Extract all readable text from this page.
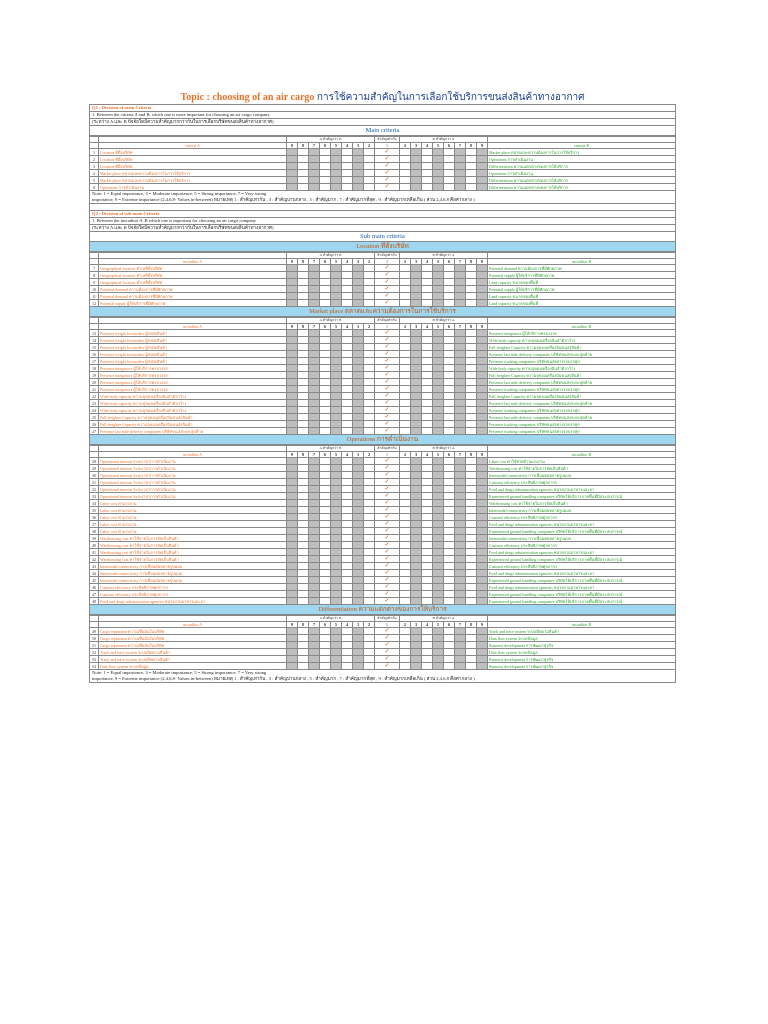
Topic : choosing of an air cargo การใช้ความสำคัญในการเลือกใช้บริการขนส่งสินค้าทางอากาศ
Q1 : Decision of main Criteria
1. Between the criteria A and B, which one is more important for choosing an air cargo company
(ระหว่าง A และ B ปัจจัยใดมีความสำคัญมากกว่ากันในการเลือกบริษัทขนส่งสินค้าทางอากาศ)
Main criteria
		A สำคัญกว่า B								สำคัญเท่ากัน	B สำคัญกว่า A								
	criteria A	9	8	7	6	5	4	3	2	1	2	3	4	5	6	7	8	9	criteria B
1	Location ที่ตั้งบริษัท									✓									Market place ตลาดและความต้องการในการใช้บริการ
2	Location ที่ตั้งบริษัท									✓									Operations การดำเนินงาน
3	Location ที่ตั้งบริษัท									✓									Differentiation ความแตกต่างของการให้บริการ
4	Market place ตลาดและความต้องการในการใช้บริการ									✓									Operations การดำเนินงาน
5	Market place ตลาดและความต้องการในการใช้บริการ									✓									Differentiation ความแตกต่างของการให้บริการ
6	Operations การดำเนินงาน									✓									Differentiation ความแตกต่างของการให้บริการ
Note: 1 = Equal importance, 3 = Moderate importance, 5 = Strong importance, 7 = Very strong
importance, 9 = Extreme importance (2,4,6,8- Values in-between) หมายเหตุ 1 : สำคัญเท่ากัน , 3 : สำคัญปานกลาง , 5 : สำคัญมาก , 7 : สำคัญมากที่สุด , 9 : สำคัญมากเหลือเกิน ( ส่วน 2,4,6,8 คือค่ากลาง )
Q2 : Decision of sub main Criteria
1. Between the incraditor A ,B which one is important for choosing an air cargo company
(ระหว่าง A และ B ปัจจัยใดมีความสำคัญมากกว่ากันในการเลือกบริษัทขนส่งสินค้าทางอากาศ)
Sub main criteria
Location ที่ตั้งบริษัท
		A สำคัญกว่า B								สำคัญเท่ากัน	B สำคัญกว่า A								
	incraditor A	9	8	7	6	5	4	3	2	1	2	3	4	5	6	7	8	9	incraditor B
7	Geographical location ทำเลที่ตั้งบริษัท									✓									Potential demand ความต้องการที่มีศักยภาพ
8	Geographical location ทำเลที่ตั้งบริษัท									✓									Potential supply ผู้ให้บริการที่มีศักยภาพ
9	Geographical location ทำเลที่ตั้งบริษัท									✓									Land capacity ขนาดของพื้นที่
10	Potential demand ความต้องการที่มีศักยภาพ									✓									Potential supply ผู้ให้บริการที่มีศักยภาพ
11	Potential demand ความต้องการที่มีศักยภาพ									✓									Land capacity ขนาดของพื้นที่
12	Potential supply ผู้ให้บริการที่มีศักยภาพ									✓									Land capacity ขนาดของพื้นที่
Market place ตลาดและความต้องการในการใช้บริการ
		A สำคัญกว่า B								สำคัญเท่ากัน	B สำคัญกว่า A								
	incraditor A	9	8	7	6	5	4	3	2	1	2	3	4	5	6	7	8	9	incraditor B
13	Presence freight forwarders ผู้ส่งต่อสินค้า									✓									Presence integrators ผู้ให้บริการครบวงจร
14	Presence freight forwarders ผู้ส่งต่อสินค้า									✓									Wide body capacity ความจุของเครื่องบินลำตัวกว้าง
15	Presence freight forwarders ผู้ส่งต่อสินค้า									✓									Full freighter Capacity ความจุของเครื่องบินขนส่งสินค้า
16	Presence freight forwarders ผู้ส่งต่อสินค้า									✓									Presence last mile delivery companies บริษัทขนส่งระยะสุดท้าย
17	Presence freight forwarders ผู้ส่งต่อสินค้า									✓									Presence trucking companies บริษัทขนส่งทางรถบรรทุก
18	Presence integrators ผู้ให้บริการครบวงจร									✓									Wide body capacity ความจุของเครื่องบินลำตัวกว้าง
19	Presence integrators ผู้ให้บริการครบวงจร									✓									Full freighter Capacity ความจุของเครื่องบินขนส่งสินค้า
20	Presence integrators ผู้ให้บริการครบวงจร									✓									Presence last mile delivery companies บริษัทขนส่งระยะสุดท้าย
21	Presence integrators ผู้ให้บริการครบวงจร									✓									Presence trucking companies บริษัทขนส่งทางรถบรรทุก
22	Wide body capacity ความจุของเครื่องบินลำตัวกว้าง									✓									Full freighter Capacity ความจุของเครื่องบินขนส่งสินค้า
23	Wide body capacity ความจุของเครื่องบินลำตัวกว้าง									✓									Presence last mile delivery companies บริษัทขนส่งระยะสุดท้าย
24	Wide body capacity ความจุของเครื่องบินลำตัวกว้าง									✓									Presence trucking companies บริษัทขนส่งทางรถบรรทุก
25	Full freighter Capacity ความจุของเครื่องบินขนส่งสินค้า									✓									Presence last mile delivery companies บริษัทขนส่งระยะสุดท้าย
26	Full freighter Capacity ความจุของเครื่องบินขนส่งสินค้า									✓									Presence trucking companies บริษัทขนส่งทางรถบรรทุก
27	Presence last mile delivery companies บริษัทขนส่งระยะสุดท้าย									✓									Presence trucking companies บริษัทขนส่งทางรถบรรทุก
Operations การดำเนินงาน
		A สำคัญกว่า B								สำคัญเท่ากัน	B สำคัญกว่า A								
	incraditor A	9	8	7	6	5	4	3	2	1	2	3	4	5	6	7	8	9	incraditor B
28	Operational timeout ระยะเวลาการดำเนินงาน									✓									Labor cost ค่าใช้จ่ายด้านแรงงาน
29	Operational timeout ระยะเวลาการดำเนินงาน									✓									Warehousing cost ค่าใช้จ่ายในการจัดเก็บสินค้า
30	Operational timeout ระยะเวลาการดำเนินงาน									✓									Intermodal connectivity การเชื่อมต่อหลายรูปแบบ
31	Operational timeout ระยะเวลาการดำเนินงาน									✓									Customs efficiency ประสิทธิภาพศุลกากร
32	Operational timeout ระยะเวลาการดำเนินงาน									✓									Food and drugs administration agencies หน่วยงานอาหารและยา
33	Operational timeout ระยะเวลาการดำเนินงาน									✓									Experienced ground handling companies บริษัทให้บริการภาคพื้นที่มีประสบการณ์
34	Labor cost ค่าแรงงาน									✓									Warehousing cost ค่าใช้จ่ายในการจัดเก็บสินค้า
35	Labor cost ค่าแรงงาน									✓									Intermodal connectivity การเชื่อมต่อหลายรูปแบบ
36	Labor cost ค่าแรงงาน									✓									Customs efficiency ประสิทธิภาพศุลกากร
37	Labor cost ค่าแรงงาน									✓									Food and drugs administration agencies หน่วยงานอาหารและยา
38	Labor cost ค่าแรงงาน									✓									Experienced ground handling companies บริษัทให้บริการภาคพื้นที่มีประสบการณ์
39	Warehousing cost ค่าใช้จ่ายในการจัดเก็บสินค้า									✓									Intermodal connectivity การเชื่อมต่อหลายรูปแบบ
40	Warehousing cost ค่าใช้จ่ายในการจัดเก็บสินค้า									✓									Customs efficiency ประสิทธิภาพศุลกากร
41	Warehousing cost ค่าใช้จ่ายในการจัดเก็บสินค้า									✓									Food and drugs administration agencies หน่วยงานอาหารและยา
42	Warehousing cost ค่าใช้จ่ายในการจัดเก็บสินค้า									✓									Experienced ground handling companies บริษัทให้บริการภาคพื้นที่มีประสบการณ์
43	Intermodal connectivity การเชื่อมต่อหลายรูปแบบ									✓									Customs efficiency ประสิทธิภาพศุลกากร
44	Intermodal connectivity การเชื่อมต่อหลายรูปแบบ									✓									Food and drugs administration agencies หน่วยงานอาหารและยา
45	Intermodal connectivity การเชื่อมต่อหลายรูปแบบ									✓									Experienced ground handling companies บริษัทให้บริการภาคพื้นที่มีประสบการณ์
46	Customs efficiency ประสิทธิภาพศุลกากร									✓									Food and drugs administration agencies หน่วยงานอาหารและยา
47	Customs efficiency ประสิทธิภาพศุลกากร									✓									Experienced ground handling companies บริษัทให้บริการภาคพื้นที่มีประสบการณ์
48	Food and drugs administration agencies หน่วยงานอาหารและยา									✓									Experienced ground handling companies บริษัทให้บริการภาคพื้นที่มีประสบการณ์
Differentiation ความแตกต่างของการให้บริการ
		A สำคัญกว่า B								สำคัญเท่ากัน	B สำคัญกว่า A								
	incraditor A	9	8	7	6	5	4	3	2	1	2	3	4	5	6	7	8	9	incraditor B
49	Cargo reputation ความเชื่อมั่นในบริษัท									✓									Track and trace system ระบบติดตามสินค้า
50	Cargo reputation ความเชื่อมั่นในบริษัท									✓									Data flow system ระบบข้อมูล
51	Cargo reputation ความเชื่อมั่นในบริษัท									✓									Business development การพัฒนาธุรกิจ
52	Track and trace system ระบบติดตามสินค้า									✓									Data flow system ระบบข้อมูล
53	Track and trace system ระบบติดตามสินค้า									✓									Business development การพัฒนาธุรกิจ
54	Data flow system ระบบข้อมูล									✓									Business development การพัฒนาธุรกิจ
Note: 1 = Equal importance, 3 = Moderate importance, 5 = Strong importance, 7 = Very strong
importance, 9 = Extreme importance (2,4,6,8- Values in-between) หมายเหตุ 1 : สำคัญเท่ากัน , 3 : สำคัญปานกลาง , 5 : สำคัญมาก , 7 : สำคัญมากที่สุด , 9 : สำคัญมากเหลือเกิน ( ส่วน 2,4,6,8 คือค่ากลาง )
